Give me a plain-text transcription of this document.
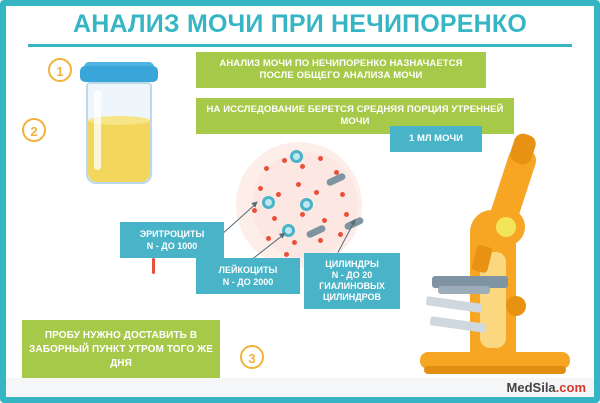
АНАЛИЗ МОЧИ ПРИ НЕЧИПОРЕНКО
1
2
3
АНАЛИЗ МОЧИ ПО НЕЧИПОРЕНКО НАЗНАЧАЕТСЯ ПОСЛЕ ОБЩЕГО АНАЛИЗА МОЧИ
НА ИССЛЕДОВАНИЕ БЕРЕТСЯ СРЕДНЯЯ ПОРЦИЯ УТРЕННЕЙ МОЧИ
ПРОБУ НУЖНО ДОСТАВИТЬ В ЗАБОРНЫЙ ПУНКТ УТРОМ ТОГО ЖЕ ДНЯ
1 МЛ МОЧИ
ЭРИТРОЦИТЫ
N - ДО 1000
ЛЕЙКОЦИТЫ
N - ДО 2000
ЦИЛИНДРЫ
N - ДО 20
ГИАЛИНОВЫХ
ЦИЛИНДРОВ
MedSila.com
